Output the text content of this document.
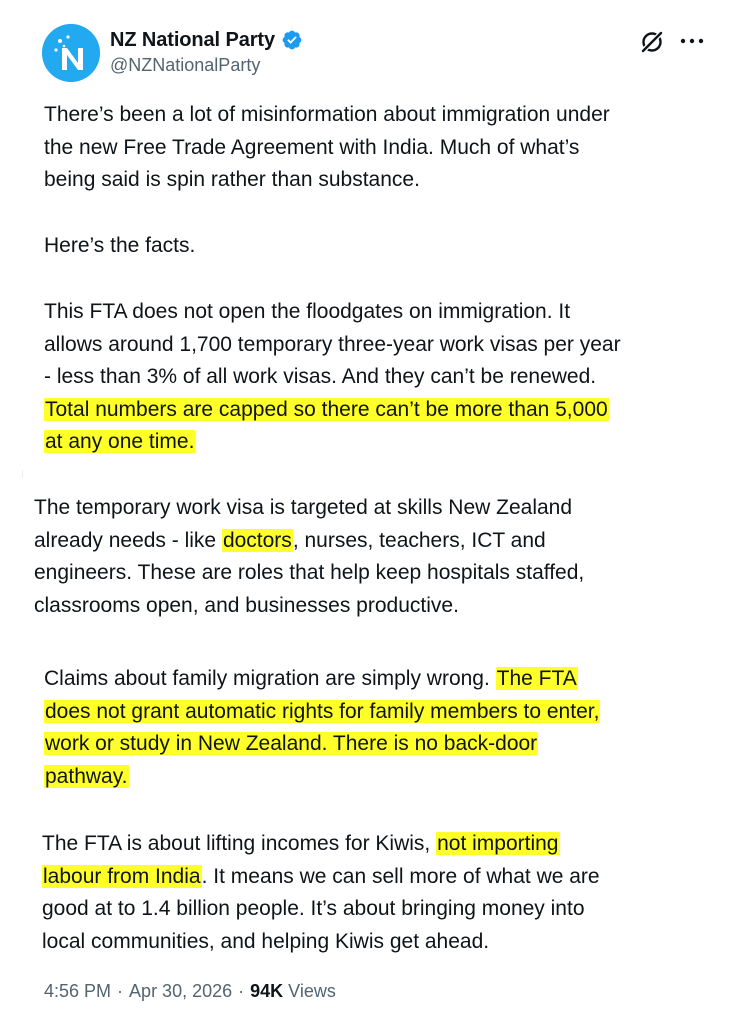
NZ National Party
@NZNationalParty
There’s been a lot of misinformation about immigration under
the new Free Trade Agreement with India. Much of what’s
being said is spin rather than substance.
Here’s the facts.
This FTA does not open the floodgates on immigration. It
allows around 1,700 temporary three-year work visas per year
- less than 3% of all work visas. And they can’t be renewed.
Total numbers are capped so there can’t be more than 5,000
at any one time.
The temporary work visa is targeted at skills New Zealand
already needs - like doctors, nurses, teachers, ICT and
engineers. These are roles that help keep hospitals staffed,
classrooms open, and businesses productive.
Claims about family migration are simply wrong. The FTA
does not grant automatic rights for family members to enter,
work or study in New Zealand. There is no back-door
pathway.
The FTA is about lifting incomes for Kiwis, not importing
labour from India. It means we can sell more of what we are
good at to 1.4 billion people. It’s about bringing money into
local communities, and helping Kiwis get ahead.
4:56 PM · Apr 30, 2026 · 94K Views
